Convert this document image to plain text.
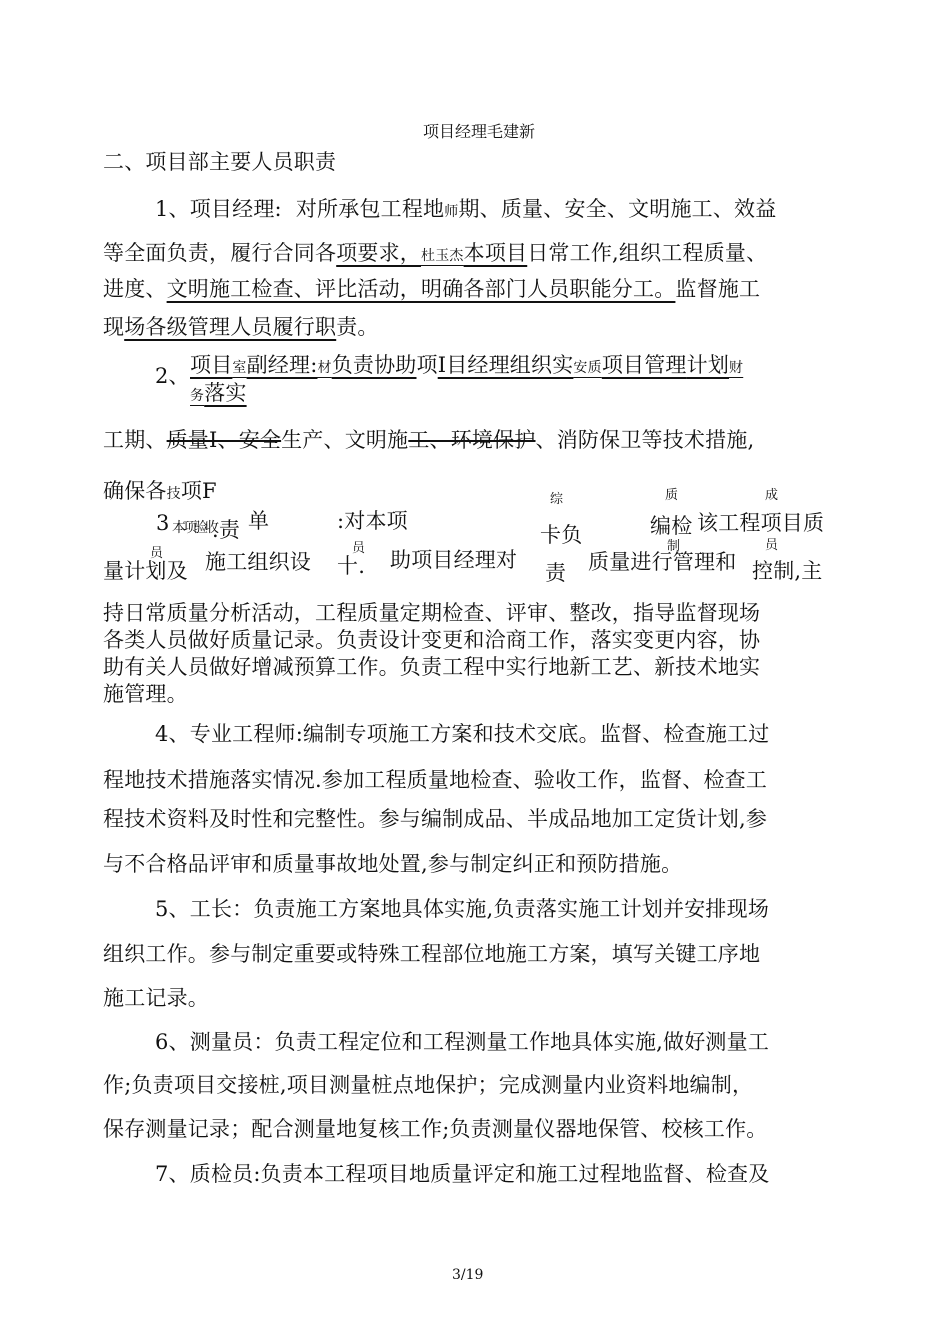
项目经理毛建新
二、项目部主要人员职责
1、项目经理: 对所承包工程地师期、质量、安全、文明施工、效益
等全面负责，履行合同各项要求，杜玉杰本项目日常工作,组织工程质量、
进度、文明施工检查、评比活动，明确各部门人员职能分工。监督施工
现场各级管理人员履行职责。
2、 项目室副经理:材负责协助项I目经理组织实安质项目管理计划财
务落实
工期、质量I、安全生产、文明施工、环境保护、消防保卫等技术措施,
确保各技项F
3 本项验收
.责 单
员
量计划及 施工组织设
:对本项
员
十. 助项目经理对
综
卡负
责
质
编检
制
质量进行管理和
成
该工程项目质
员
控制,主
持日常质量分析活动，工程质量定期检查、评审、整改，指导监督现场
各类人员做好质量记录。负责设计变更和洽商工作，落实变更内容，协
助有关人员做好增减预算工作。负责工程中实行地新工艺、新技术地实
施管理。
4、专业工程师:编制专项施工方案和技术交底。监督、检查施工过
程地技术措施落实情况.参加工程质量地检查、验收工作，监督、检查工
程技术资料及时性和完整性。参与编制成品、半成品地加工定货计划,参
与不合格品评审和质量事故地处置,参与制定纠正和预防措施。
5、工长：负责施工方案地具体实施,负责落实施工计划并安排现场
组织工作。参与制定重要或特殊工程部位地施工方案，填写关键工序地
施工记录。
6、测量员：负责工程定位和工程测量工作地具体实施,做好测量工
作;负责项目交接桩,项目测量桩点地保护；完成测量内业资料地编制，
保存测量记录；配合测量地复核工作;负责测量仪器地保管、校核工作。
7、质检员:负责本工程项目地质量评定和施工过程地监督、检查及
3/19
